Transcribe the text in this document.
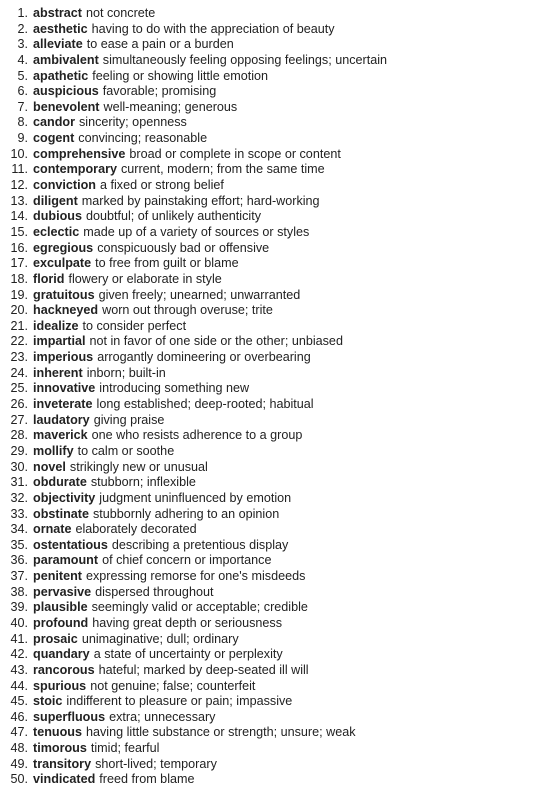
1. abstract not concrete
2. aesthetic having to do with the appreciation of beauty
3. alleviate to ease a pain or a burden
4. ambivalent simultaneously feeling opposing feelings; uncertain
5. apathetic feeling or showing little emotion
6. auspicious favorable; promising
7. benevolent well-meaning; generous
8. candor sincerity; openness
9. cogent convincing; reasonable
10. comprehensive broad or complete in scope or content
11. contemporary current, modern; from the same time
12. conviction a fixed or strong belief
13. diligent marked by painstaking effort; hard-working
14. dubious doubtful; of unlikely authenticity
15. eclectic made up of a variety of sources or styles
16. egregious conspicuously bad or offensive
17. exculpate to free from guilt or blame
18. florid flowery or elaborate in style
19. gratuitous given freely; unearned; unwarranted
20. hackneyed worn out through overuse; trite
21. idealize to consider perfect
22. impartial not in favor of one side or the other; unbiased
23. imperious arrogantly domineering or overbearing
24. inherent inborn; built-in
25. innovative introducing something new
26. inveterate long established; deep-rooted; habitual
27. laudatory giving praise
28. maverick one who resists adherence to a group
29. mollify to calm or soothe
30. novel strikingly new or unusual
31. obdurate stubborn; inflexible
32. objectivity judgment uninfluenced by emotion
33. obstinate stubbornly adhering to an opinion
34. ornate elaborately decorated
35. ostentatious describing a pretentious display
36. paramount of chief concern or importance
37. penitent expressing remorse for one's misdeeds
38. pervasive dispersed throughout
39. plausible seemingly valid or acceptable; credible
40. profound having great depth or seriousness
41. prosaic unimaginative; dull; ordinary
42. quandary a state of uncertainty or perplexity
43. rancorous hateful; marked by deep-seated ill will
44. spurious not genuine; false; counterfeit
45. stoic indifferent to pleasure or pain; impassive
46. superfluous extra; unnecessary
47. tenuous having little substance or strength; unsure; weak
48. timorous timid; fearful
49. transitory short-lived; temporary
50. vindicated freed from blame
